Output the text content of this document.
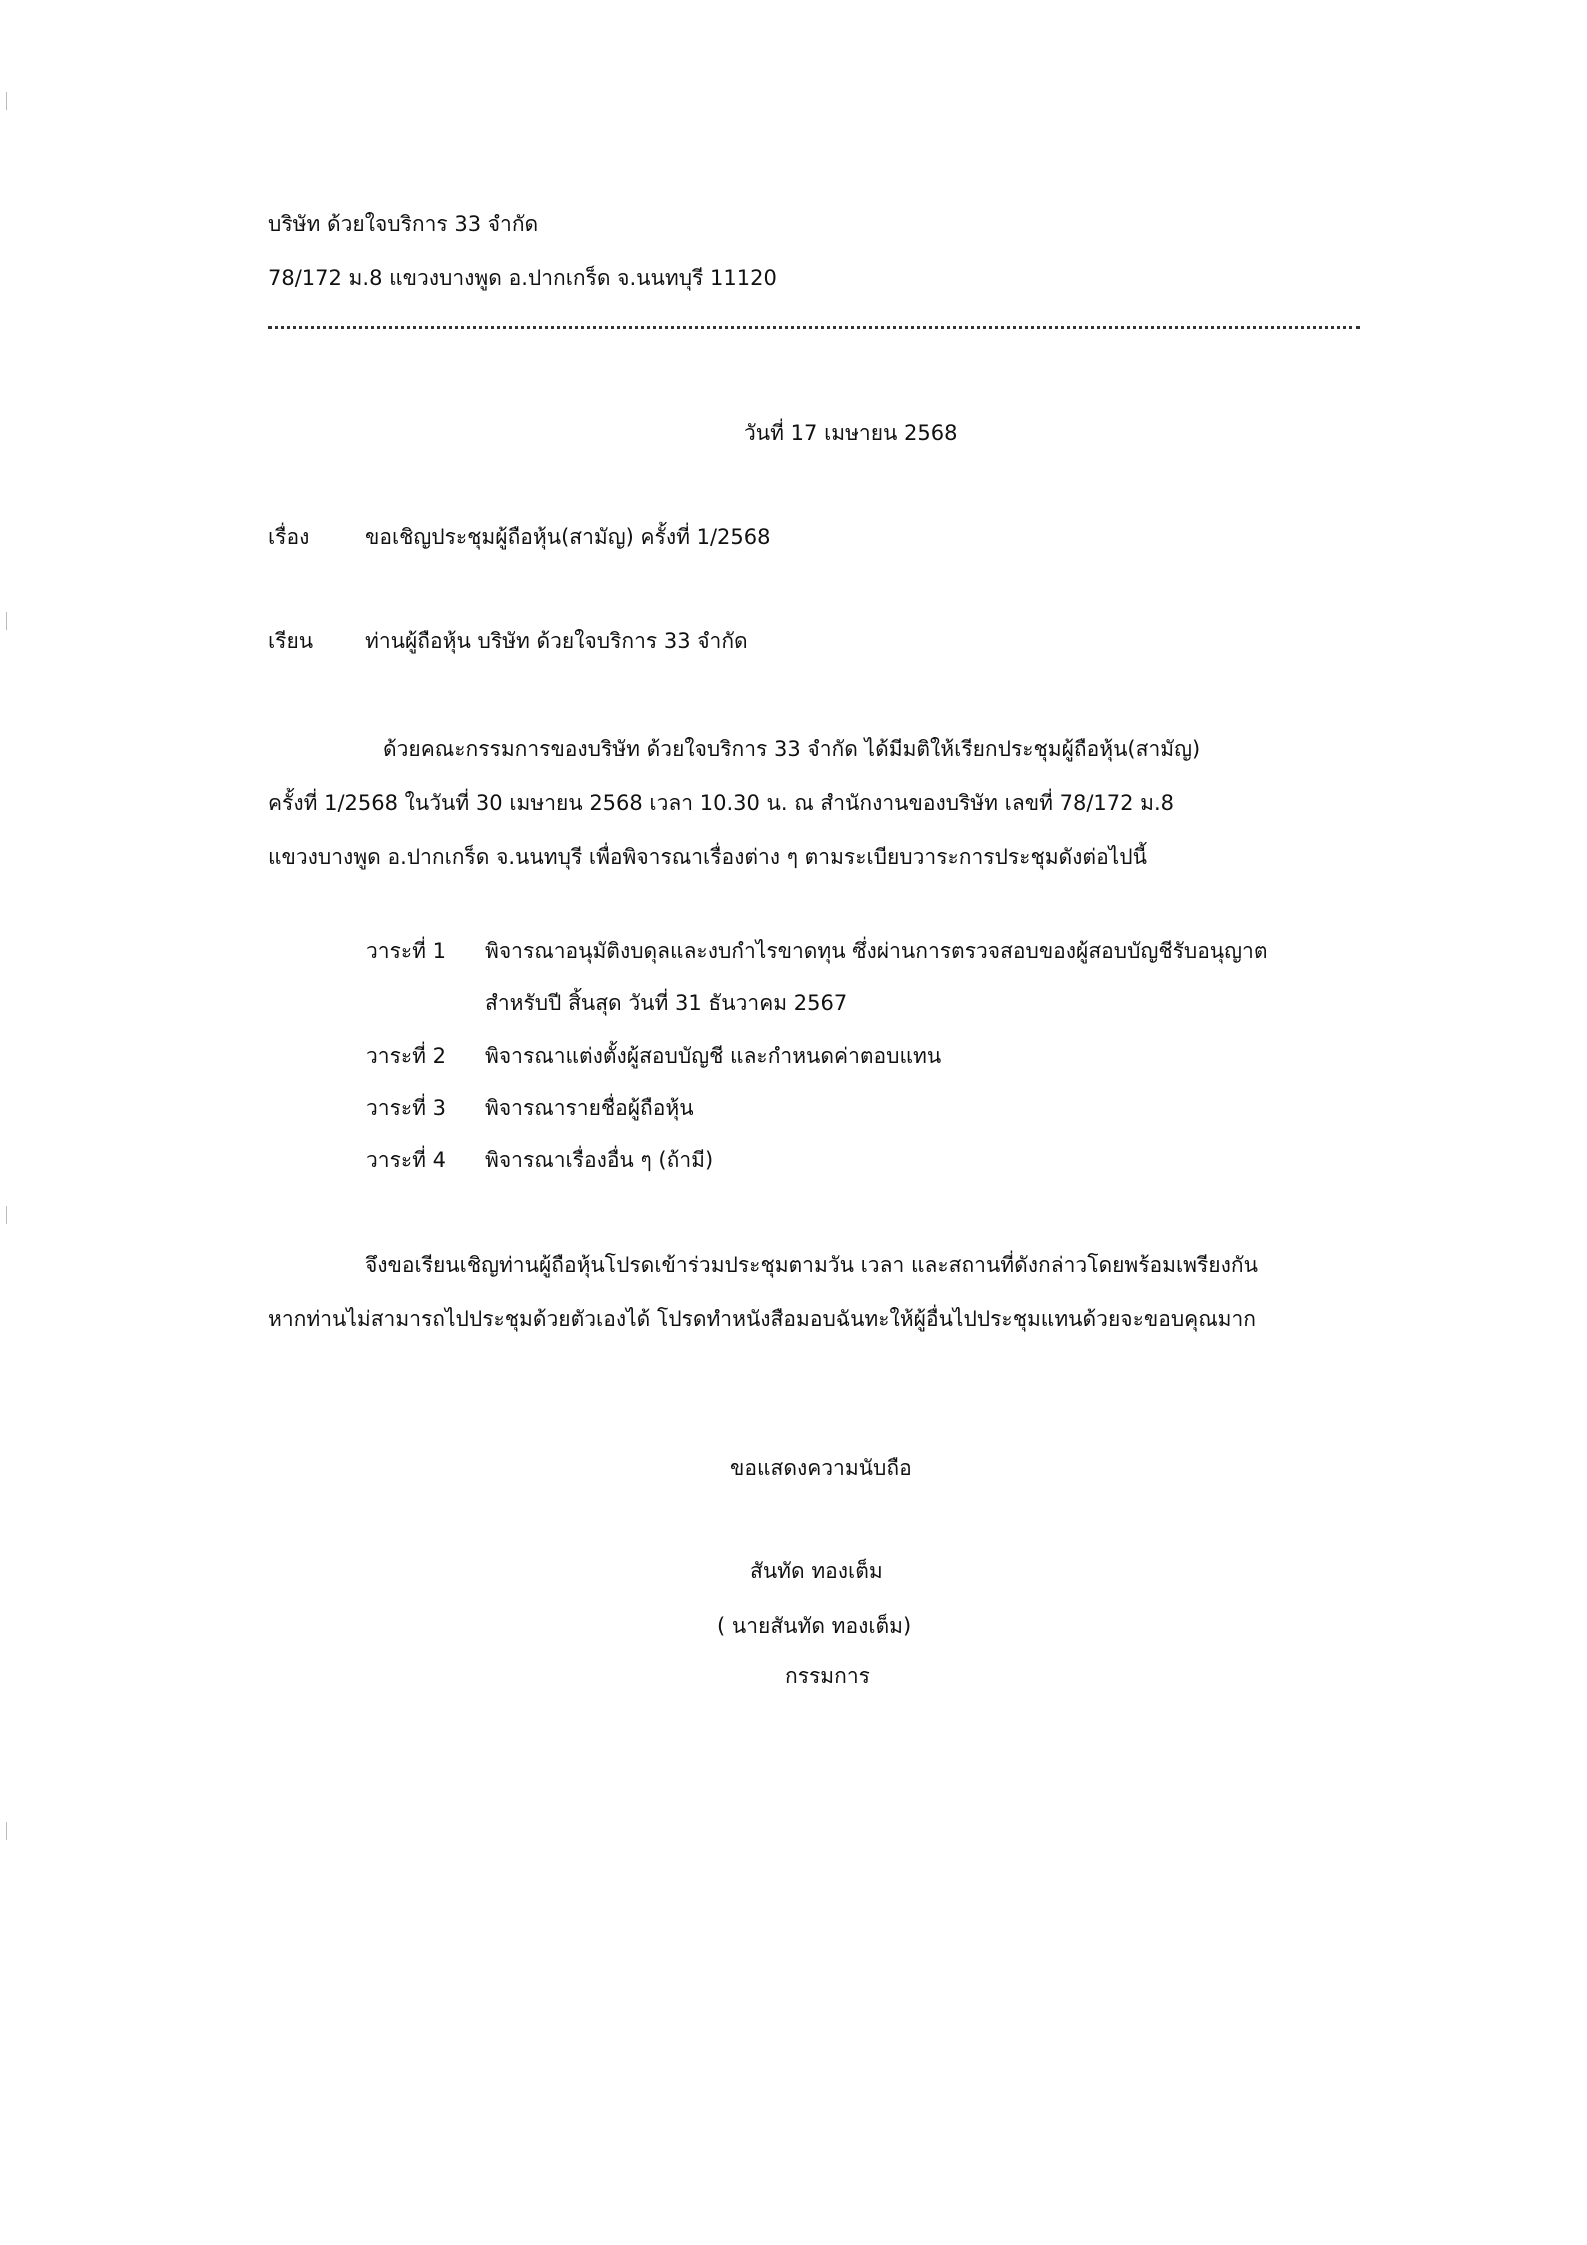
บริษัท ด้วยใจบริการ 33 จำกัด
78/172 ม.8 แขวงบางพูด อ.ปากเกร็ด จ.นนทบุรี 11120
วันที่ 17 เมษายน 2568
เรื่อง	ขอเชิญประชุมผู้ถือหุ้น(สามัญ) ครั้งที่ 1/2568
เรียน ท่านผู้ถือหุ้น บริษัท ด้วยใจบริการ 33 จำกัด
ด้วยคณะกรรมการของบริษัท ด้วยใจบริการ 33 จำกัด ได้มีมติให้เรียกประชุมผู้ถือหุ้น(สามัญ)
ครั้งที่ 1/2568 ในวันที่ 30 เมษายน 2568 เวลา 10.30 น. ณ สำนักงานของบริษัท เลขที่ 78/172 ม.8
แขวงบางพูด อ.ปากเกร็ด จ.นนทบุรี เพื่อพิจารณาเรื่องต่าง ๆ ตามระเบียบวาระการประชุมดังต่อไปนี้
วาระที่ 1 พิจารณาอนุมัติงบดุลและงบกำไรขาดทุน ซึ่งผ่านการตรวจสอบของผู้สอบบัญชีรับอนุญาต
สำหรับปี สิ้นสุด วันที่ 31 ธันวาคม 2567
วาระที่ 2 พิจารณาแต่งตั้งผู้สอบบัญชี และกำหนดค่าตอบแทน
วาระที่ 3 พิจารณารายชื่อผู้ถือหุ้น
วาระที่ 4 พิจารณาเรื่องอื่น ๆ (ถ้ามี)
จึงขอเรียนเชิญท่านผู้ถือหุ้นโปรดเข้าร่วมประชุมตามวัน เวลา และสถานที่ดังกล่าวโดยพร้อมเพรียงกัน
หากท่านไม่สามารถไปประชุมด้วยตัวเองได้ โปรดทำหนังสือมอบฉันทะให้ผู้อื่นไปประชุมแทนด้วยจะขอบคุณมาก
ขอแสดงความนับถือ
สันทัด ทองเต็ม
( นายสันทัด ทองเต็ม)
กรรมการ
